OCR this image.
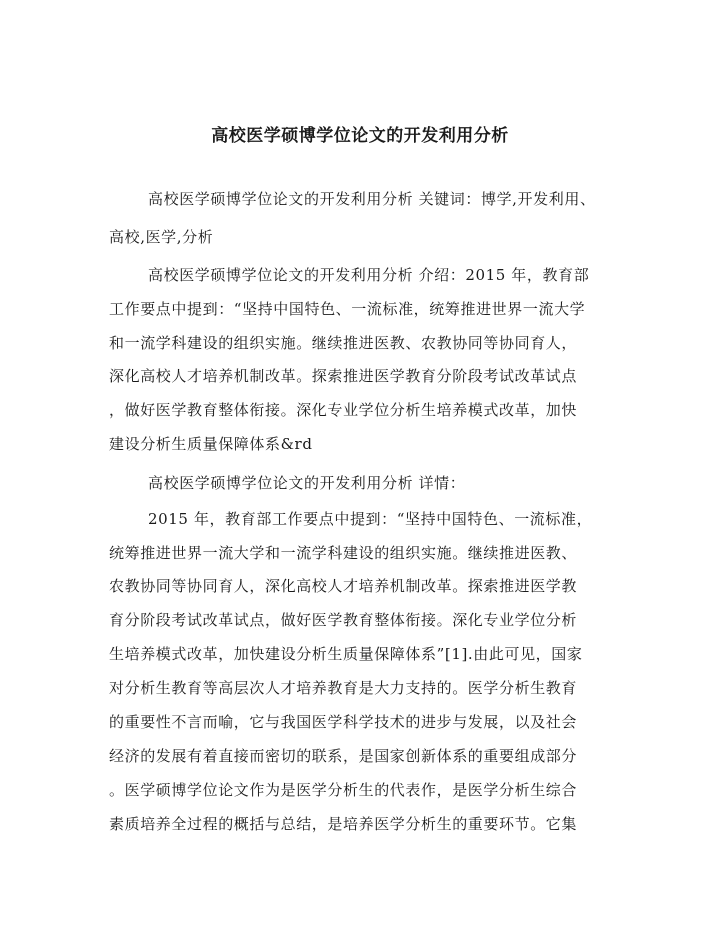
高校医学硕博学位论文的开发利用分析

高校医学硕博学位论文的开发利用分析 关键词：博学,开发利用、

高校,医学,分析

高校医学硕博学位论文的开发利用分析 介绍：2015 年，教育部

工作要点中提到：“坚持中国特色、一流标准，统筹推进世界一流大学

和一流学科建设的组织实施。继续推进医教、农教协同等协同育人，

深化高校人才培养机制改革。探索推进医学教育分阶段考试改革试点

，做好医学教育整体衔接。深化专业学位分析生培养模式改革，加快

建设分析生质量保障体系&rd

高校医学硕博学位论文的开发利用分析 详情：

2015 年，教育部工作要点中提到：“坚持中国特色、一流标准，

统筹推进世界一流大学和一流学科建设的组织实施。继续推进医教、

农教协同等协同育人，深化高校人才培养机制改革。探索推进医学教

育分阶段考试改革试点，做好医学教育整体衔接。深化专业学位分析

生培养模式改革，加快建设分析生质量保障体系”[1].由此可见，国家

对分析生教育等高层次人才培养教育是大力支持的。医学分析生教育

的重要性不言而喻，它与我国医学科学技术的进步与发展，以及社会

经济的发展有着直接而密切的联系，是国家创新体系的重要组成部分

。医学硕博学位论文作为是医学分析生的代表作，是医学分析生综合

素质培养全过程的概括与总结，是培养医学分析生的重要环节。它集
